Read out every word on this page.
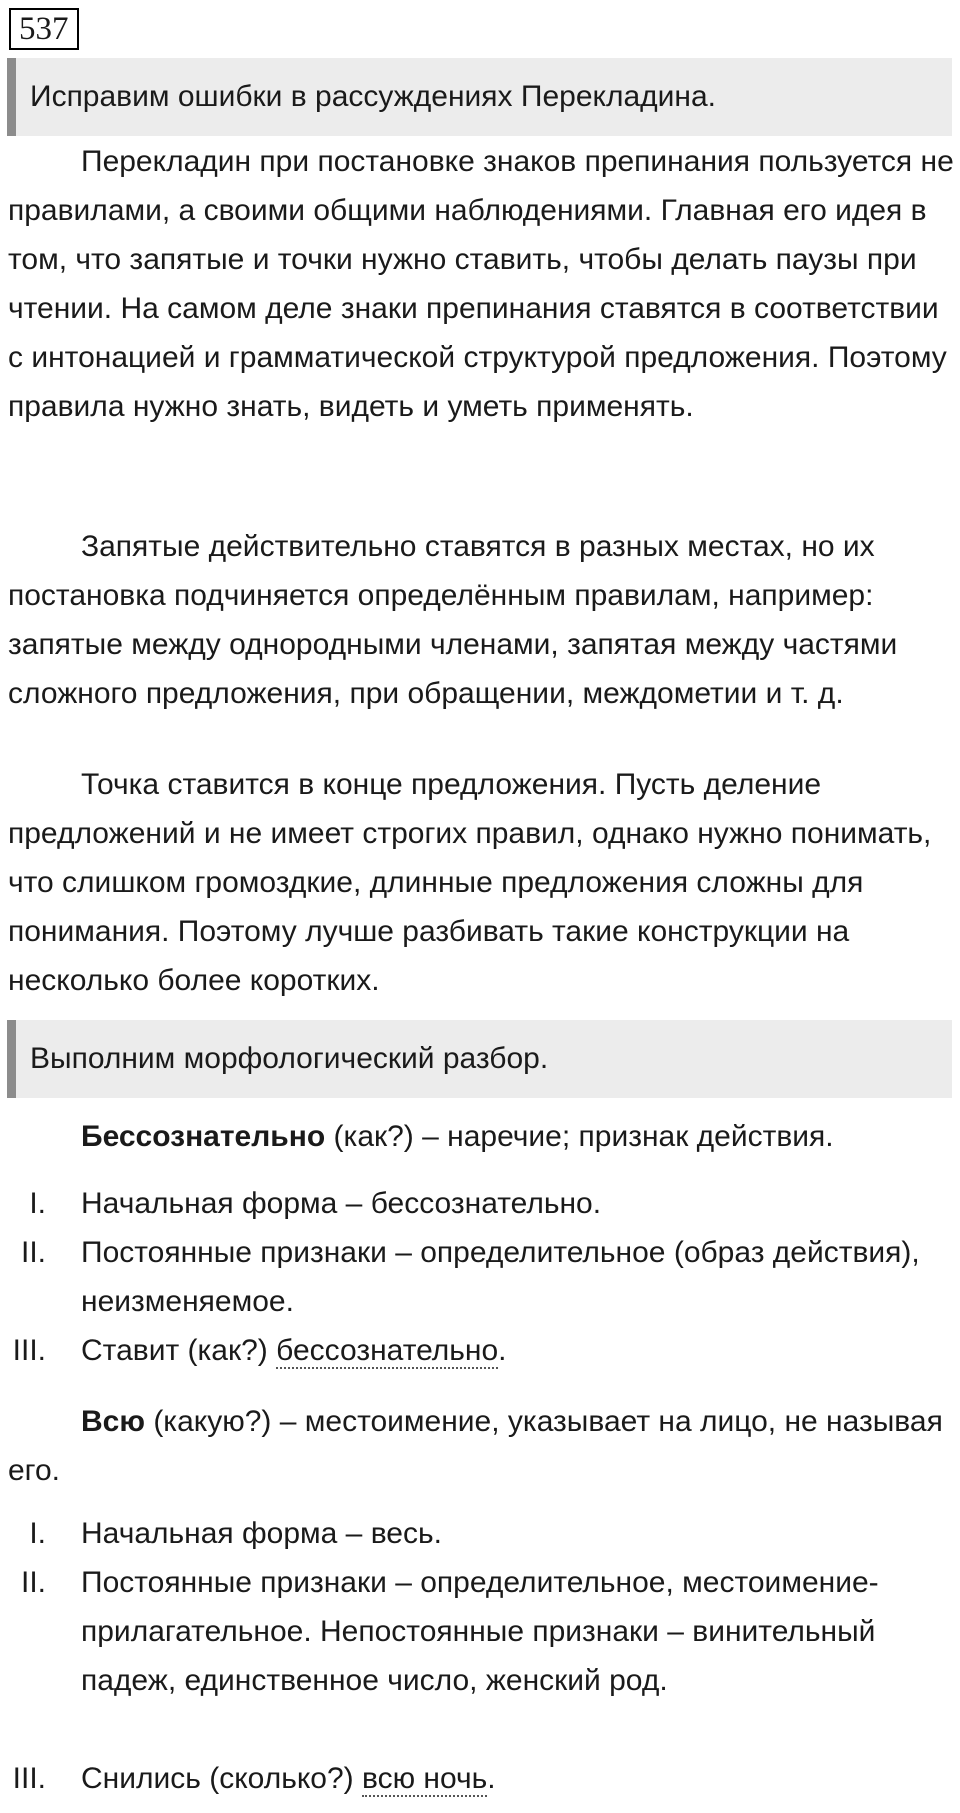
537
Исправим ошибки в рассуждениях Перекладина.

Перекладин при постановке знаков препинания пользуется не правилами, а своими общими наблюдениями. Главная его идея в том, что запятые и точки нужно ставить, чтобы делать паузы при чтении. На самом деле знаки препинания ставятся в соответствии с интонацией и грамматической структурой предложения. Поэтому правила нужно знать, видеть и уметь применять.

Запятые действительно ставятся в разных местах, но их постановка подчиняется определённым правилам, например: запятые между однородными членами, запятая между частями сложного предложения, при обращении, междометии и т. д.

Точка ставится в конце предложения. Пусть деление предложений и не имеет строгих правил, однако нужно понимать, что слишком громоздкие, длинные предложения сложны для понимания. Поэтому лучше разбивать такие конструкции на несколько более коротких.

Выполним морфологический разбор.

Бессознательно (как?) – наречие; признак действия.

I. Начальная форма – бессознательно.
II. Постоянные признаки – определительное (образ действия), неизменяемое.
III. Ставит (как?) бессознательно.

Всю (какую?) – местоимение, указывает на лицо, не называя его.

I. Начальная форма – весь.
II. Постоянные признаки – определительное, местоимение-прилагательное. Непостоянные признаки – винительный падеж, единственное число, женский род.
III. Снились (сколько?) всю ночь.
